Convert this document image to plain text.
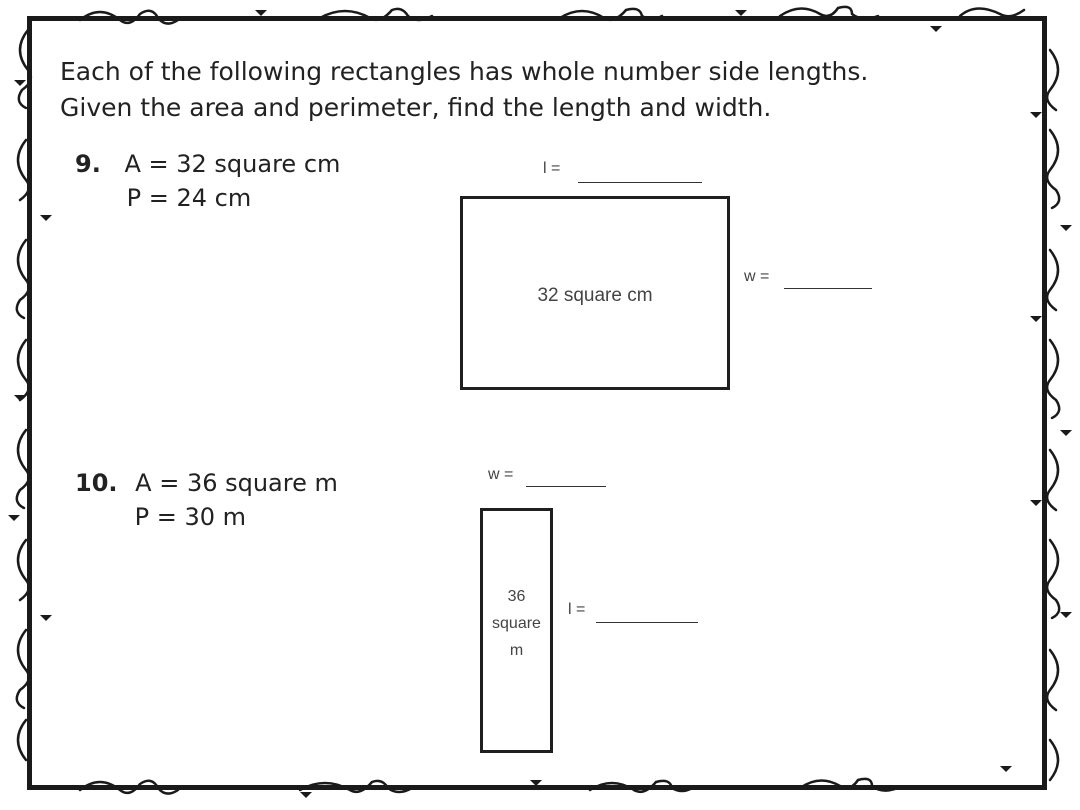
Each of the following rectangles has whole number side lengths.
Given the area and perimeter, find the length and width.
9. A = 32 square cm
P = 24 cm
l =
32 square cm
w =
10. A = 36 square m
P = 30 m
w =
36
square
m
l =
